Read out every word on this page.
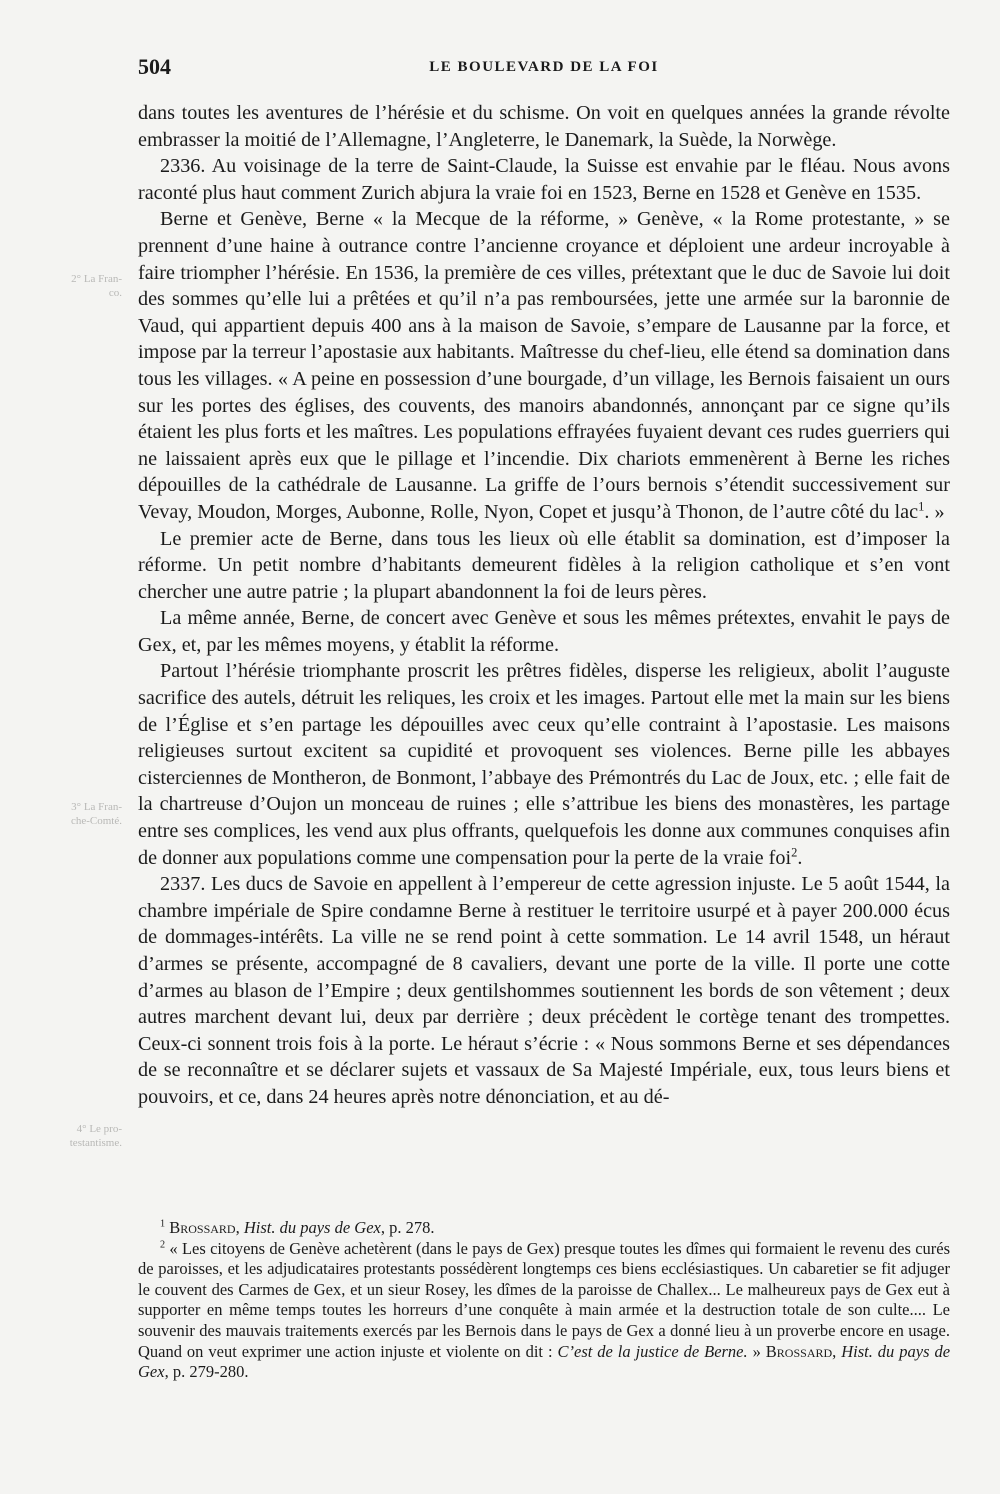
504	LE BOULEVARD DE LA FOI
2° La Fran-
co.
3° La Fran-
che-Comté.
4° Le pro-
testantisme.

dans toutes les aventures de l’hérésie et du schisme. On voit en quelques années la grande révolte embrasser la moitié de l’Allemagne, l’Angleterre, le Danemark, la Suède, la Norwège.

2336. Au voisinage de la terre de Saint-Claude, la Suisse est envahie par le fléau. Nous avons raconté plus haut comment Zurich abjura la vraie foi en 1523, Berne en 1528 et Genève en 1535.

Berne et Genève, Berne « la Mecque de la réforme, » Genève, « la Rome protestante, » se prennent d’une haine à outrance contre l’ancienne croyance et déploient une ardeur incroyable à faire triompher l’hérésie. En 1536, la première de ces villes, prétextant que le duc de Savoie lui doit des sommes qu’elle lui a prêtées et qu’il n’a pas remboursées, jette une armée sur la baronnie de Vaud, qui appartient depuis 400 ans à la maison de Savoie, s’empare de Lausanne par la force, et impose par la terreur l’apostasie aux habitants. Maîtresse du chef-lieu, elle étend sa domination dans tous les villages. « A peine en possession d’une bourgade, d’un village, les Bernois faisaient un ours sur les portes des églises, des couvents, des manoirs abandonnés, annonçant par ce signe qu’ils étaient les plus forts et les maîtres. Les populations effrayées fuyaient devant ces rudes guerriers qui ne laissaient après eux que le pillage et l’incendie. Dix chariots emmenèrent à Berne les riches dépouilles de la cathédrale de Lausanne. La griffe de l’ours bernois s’étendit successivement sur Vevay, Moudon, Morges, Aubonne, Rolle, Nyon, Copet et jusqu’à Thonon, de l’autre côté du lac$^1$. »

Le premier acte de Berne, dans tous les lieux où elle établit sa domination, est d’imposer la réforme. Un petit nombre d’habitants demeurent fidèles à la religion catholique et s’en vont chercher une autre patrie ; la plupart abandonnent la foi de leurs pères.

La même année, Berne, de concert avec Genève et sous les mêmes prétextes, envahit le pays de Gex, et, par les mêmes moyens, y établit la réforme.

Partout l’hérésie triomphante proscrit les prêtres fidèles, disperse les religieux, abolit l’auguste sacrifice des autels, détruit les reliques, les croix et les images. Partout elle met la main sur les biens de l’Église et s’en partage les dépouilles avec ceux qu’elle contraint à l’apostasie. Les maisons religieuses surtout excitent sa cupidité et provoquent ses violences. Berne pille les abbayes cisterciennes de Montheron, de Bonmont, l’abbaye des Prémontrés du Lac de Joux, etc. ; elle fait de la chartreuse d’Oujon un monceau de ruines ; elle s’attribue les biens des monastères, les partage entre ses complices, les vend aux plus offrants, quelquefois les donne aux communes conquises afin de donner aux populations comme une compensation pour la perte de la vraie foi$^2$.

2337. Les ducs de Savoie en appellent à l’empereur de cette agression injuste. Le 5 août 1544, la chambre impériale de Spire condamne Berne à restituer le territoire usurpé et à payer 200.000 écus de dommages-intérêts. La ville ne se rend point à cette sommation. Le 14 avril 1548, un héraut d’armes se présente, accompagné de 8 cavaliers, devant une porte de la ville. Il porte une cotte d’armes au blason de l’Empire ; deux gentilshommes soutiennent les bords de son vêtement ; deux autres marchent devant lui, deux par derrière ; deux précèdent le cortège tenant des trompettes. Ceux-ci sonnent trois fois à la porte. Le héraut s’écrie : « Nous sommons Berne et ses dépendances de se reconnaître et se déclarer sujets et vassaux de Sa Majesté Impériale, eux, tous leurs biens et pouvoirs, et ce, dans 24 heures après notre dénonciation, et au dé-

$^1$ Brossard, Hist. du pays de Gex, p. 278.

$^2$ « Les citoyens de Genève achetèrent (dans le pays de Gex) presque toutes les dîmes qui formaient le revenu des curés de paroisses, et les adjudicataires protestants possédèrent longtemps ces biens ecclésiastiques. Un cabaretier se fit adjuger le couvent des Carmes de Gex, et un sieur Rosey, les dîmes de la paroisse de Challex... Le malheureux pays de Gex eut à supporter en même temps toutes les horreurs d’une conquête à main armée et la destruction totale de son culte.... Le souvenir des mauvais traitements exercés par les Bernois dans le pays de Gex a donné lieu à un proverbe encore en usage. Quand on veut exprimer une action injuste et violente on dit : C’est de la justice de Berne. » Brossard, Hist. du pays de Gex, p. 279-280.
